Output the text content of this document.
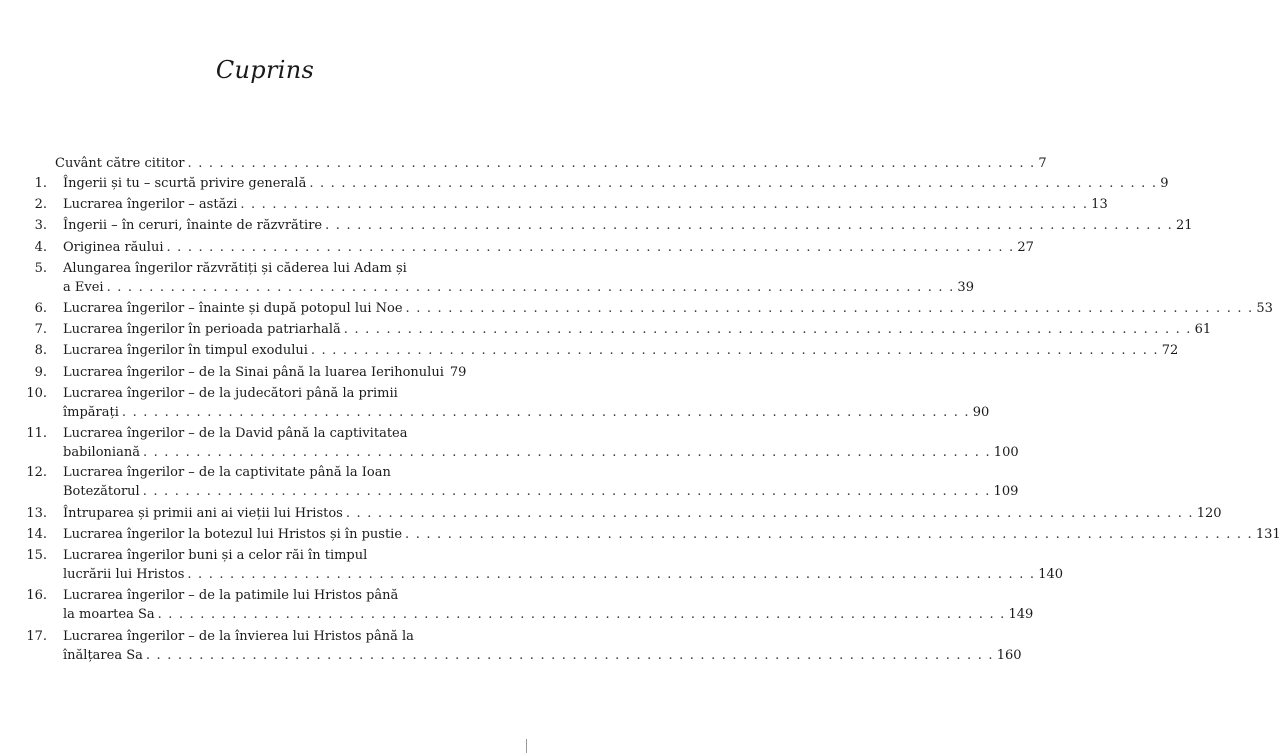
Cuprins
Cuvânt către cititor . . . . . . . . . . . . . . . . . . . . . . . . . . . . . . . . . . . . . . . . . . . . . . . . . . . . . . . . . . . . . . . . . . . . . . . . . . . . . . . . 7
1. Îngerii și tu – scurtă privire generală . . . . . . . . . . . . . . . . . . . . . . . . . . . . . . . . . . . . . . . . . . . . . . . . . . . . . . . . . . . . . . . . . . . . . . . . . . . . . . . . 9
2. Lucrarea îngerilor – astăzi . . . . . . . . . . . . . . . . . . . . . . . . . . . . . . . . . . . . . . . . . . . . . . . . . . . . . . . . . . . . . . . . . . . . . . . . . . . . . . . . 13
3. Îngerii – în ceruri, înainte de răzvrătire . . . . . . . . . . . . . . . . . . . . . . . . . . . . . . . . . . . . . . . . . . . . . . . . . . . . . . . . . . . . . . . . . . . . . . . . . . . . . . . . 21
4. Originea răului . . . . . . . . . . . . . . . . . . . . . . . . . . . . . . . . . . . . . . . . . . . . . . . . . . . . . . . . . . . . . . . . . . . . . . . . . . . . . . . . 27
5. Alungarea îngerilor răzvrătiți și căderea lui Adam și
a Evei . . . . . . . . . . . . . . . . . . . . . . . . . . . . . . . . . . . . . . . . . . . . . . . . . . . . . . . . . . . . . . . . . . . . . . . . . . . . . . . . 39
6. Lucrarea îngerilor – înainte și după potopul lui Noe . . . . . . . . . . . . . . . . . . . . . . . . . . . . . . . . . . . . . . . . . . . . . . . . . . . . . . . . . . . . . . . . . . . . . . . . . . . . . . . . 53
7. Lucrarea îngerilor în perioada patriarhală . . . . . . . . . . . . . . . . . . . . . . . . . . . . . . . . . . . . . . . . . . . . . . . . . . . . . . . . . . . . . . . . . . . . . . . . . . . . . . . . 61
8. Lucrarea îngerilor în timpul exodului . . . . . . . . . . . . . . . . . . . . . . . . . . . . . . . . . . . . . . . . . . . . . . . . . . . . . . . . . . . . . . . . . . . . . . . . . . . . . . . . 72
9. Lucrarea îngerilor – de la Sinai până la luarea Ierihonului 79
10. Lucrarea îngerilor – de la judecători până la primii
împărați . . . . . . . . . . . . . . . . . . . . . . . . . . . . . . . . . . . . . . . . . . . . . . . . . . . . . . . . . . . . . . . . . . . . . . . . . . . . . . . . 90
11. Lucrarea îngerilor – de la David până la captivitatea
babiloniană . . . . . . . . . . . . . . . . . . . . . . . . . . . . . . . . . . . . . . . . . . . . . . . . . . . . . . . . . . . . . . . . . . . . . . . . . . . . . . . . 100
12. Lucrarea îngerilor – de la captivitate până la Ioan
Botezătorul . . . . . . . . . . . . . . . . . . . . . . . . . . . . . . . . . . . . . . . . . . . . . . . . . . . . . . . . . . . . . . . . . . . . . . . . . . . . . . . . 109
13. Întruparea și primii ani ai vieții lui Hristos . . . . . . . . . . . . . . . . . . . . . . . . . . . . . . . . . . . . . . . . . . . . . . . . . . . . . . . . . . . . . . . . . . . . . . . . . . . . . . . . 120
14. Lucrarea îngerilor la botezul lui Hristos și în pustie . . . . . . . . . . . . . . . . . . . . . . . . . . . . . . . . . . . . . . . . . . . . . . . . . . . . . . . . . . . . . . . . . . . . . . . . . . . . . . . . 131
15. Lucrarea îngerilor buni și a celor răi în timpul
lucrării lui Hristos . . . . . . . . . . . . . . . . . . . . . . . . . . . . . . . . . . . . . . . . . . . . . . . . . . . . . . . . . . . . . . . . . . . . . . . . . . . . . . . . 140
16. Lucrarea îngerilor – de la patimile lui Hristos până
la moartea Sa . . . . . . . . . . . . . . . . . . . . . . . . . . . . . . . . . . . . . . . . . . . . . . . . . . . . . . . . . . . . . . . . . . . . . . . . . . . . . . . . 149
17. Lucrarea îngerilor – de la învierea lui Hristos până la
înălțarea Sa . . . . . . . . . . . . . . . . . . . . . . . . . . . . . . . . . . . . . . . . . . . . . . . . . . . . . . . . . . . . . . . . . . . . . . . . . . . . . . . . 160
